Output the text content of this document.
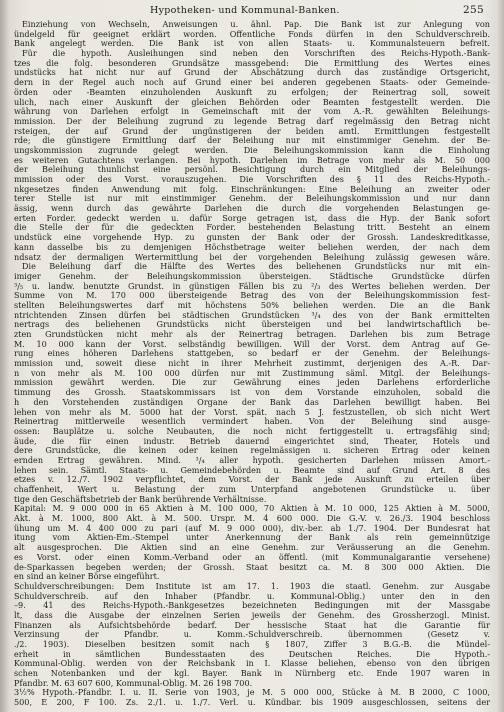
Hypotheken- und Kommunal-Banken.	255
Einziehung von Wechseln, Anweisungen u. ähnl. Pap. Die Bank ist zur Anlegung von
ündelgeld für geeignet erklärt worden. Öffentliche Fonds dürfen in den Schuldverschreib.
Bank angelegt werden. Die Bank ist von allen Staats- u. Kommunalsteuern befreit.
Für die hypoth. Ausleihungen sind neben den Vorschriften des Reichs-Hypoth.-Bank-
tzes die folg. besonderen Grundsätze massgebend: Die Ermittlung des Wertes eines
undstücks hat nicht nur auf Grund der Abschätzung durch das zuständige Ortsgericht,
dern in der Regel auch noch auf Grund einer bei anderen gegebenen Staats- oder Gemeinde-
örden oder -Beamten einzuholenden Auskunft zu erfolgen; der Reinertrag soll, soweit
ulich, nach einer Auskunft der gleichen Behörden oder Beamten festgestellt werden. Die
währung von Darlehen erfolgt in Gemeinschaft mit der vom A.-R. gewählten Beleihungs-
mmission. Der der Beleihung zugrund zu legende Betrag darf regelmässig den Betrag nicht
rsteigen, der auf Grund der ungünstigeren der beiden amtl. Ermittlungen festgestellt
rde; die günstigere Ermittlung darf der Beleihung nur mit einstimmiger Genehm. der Be-
ungskommission zugrunde gelegt werden. Die Beleihungskommission kann die Einholung
es weiteren Gutachtens verlangen. Bei hypoth. Darlehen im Betrage von mehr als M. 50 000
der Beleihung thunlichst eine persönl. Besichtigung durch ein Mitglied der Beleihungs-
mmission oder des Vorst. vorauszugehen. Die Vorschriften des § 11 des Reichs-Hypoth.-
nkgesetzes finden Anwendung mit folg. Einschränkungen: Eine Beleihung an zweiter oder
terer Stelle ist nur mit einstimmiger Genehm. der Beleihungskommission und nur dann
ässig, wenn durch das gewährte Darlehen die durch die vorgehenden Belastungen ge-
erten Forder. gedeckt werden u. dafür Sorge getragen ist, dass die Hyp. der Bank sofort
die Stelle der für die gedeckten Forder. bestehenden Belastung tritt. Besteht an einem
undstück eine vorgehende Hyp. zu gunsten der Bank oder der Grossh. Landeskreditkasse,
kann dasselbe bis zu demjenigen Höchstbetrage weiter beliehen werden, der nach dem
ndsatz der dermaligen Wertermittlung bei der vorgehenden Beleihung zulässig gewesen wäre.
Die Beleihung darf die Hälfte des Wertes des beliehenen Grundstücks nur mit ein-
imiger Genehm. der Beleihungskommission übersteigen. Städtische Grundstücke dürfen
³/₅ u. landw. benutzte Grundst. in günstigen Fällen bis zu ²/₃ des Wertes beliehen werden. Der
Summe von M. 170 000 übersteigende Betrag des von der Beleihungskommission fest-
stellten Beleihungswertes darf mit höchstens 50% beliehen werden. Die an die Bank
ntrichtenden Zinsen dürfen bei städtischen Grundstücken ³/₄ des von der Bank ermittelten
nertrags des beliehenen Grundstücks nicht übersteigen und bei landwirtschaftlich be-
zten Grundstücken nicht mehr als der Reinertrag betragen. Darlehen bis zum Betrage
M. 10 000 kann der Vorst. selbständig bewilligen. Will der Vorst. dem Antrag auf Ge-
rung eines höheren Darlehens stattgeben, so bedarf er der Genehm. der Beleihungs-
mmission und, soweit diese nicht in ihrer Mehrheit zustimmt, derjenigen des A.-R. Dar-
n von mehr als M. 100 000 dürfen nur mit Zustimmung säml. Mitgl. der Beleihungs-
mmission gewährt werden. Die zur Gewährung eines jeden Darlehens erforderliche
timmung des Grossh. Staatskommissars ist von dem Vorstande einzuholen, sobald die
h den Vorstehenden zuständigen Organe der Bank das Darlehen bewilligt haben. Bei
lehen von mehr als M. 5000 hat der Vorst. spät. nach 5 J. festzustellen, ob sich nicht Wert
Reinertrag mittlerweile wesentlich vermindert haben. Von der Beleihung sind ausge-
ossen: Bauplätze u. solche Neubauten, die noch nicht fertiggestellt u. ertragsfähig sind;
äude, die für einen industr. Betrieb dauernd eingerichtet sind, Theater, Hotels und
dere Grundstücke, die keinen oder keinen regelmässigen u. sicheren Ertrag oder keinen
ernden Ertrag gewähren. Mind. ³/₄ aller hypoth. gesicherten Darlehen müssen Amort.-
lehen sein. Sämtl. Staats- u. Gemeindebehörden u. Beamte sind auf Grund Art. 8 des
etzes v. 12./7. 1902 verpflichtet, dem Vorst. der Bank jede Auskunft zu erteilen über
chaffenheit, Wert u. Belastung der zum Unterpfand angebotenen Grundstücke u. über
tige den Geschäftsbetrieb der Bank berührende Verhältnisse.
Kapital: M. 9 000 000 in 65 Aktien à M. 100 000, 70 Aktien à M. 10 000, 125 Aktien à M. 5000,
Akt. à M. 1000, 800 Akt. à M. 500. Urspr. M. 4 600 000. Die G.-V. v. 26./3. 1904 beschloss
ühung um M. 4 400 000 zu pari (auf M. 9 000 000), div.-ber. ab 1./7. 1904. Der Bundesrat hat
itung vom Aktien-Em.-Stempel unter Anerkennung der Bank als rein gemeinnützige
alt ausgesprochen. Die Aktien sind an eine Genehm. zur Veräusserung an die Genehm.
es Vorst. oder einen Komm.-Verband oder an öffentl. (mit Kommunalgarantie versehene)
de-Sparkassen begeben werden; der Grossh. Staat besitzt ca. M. 8 300 000 Aktien. Die
en sind an keiner Börse eingeführt.
Schuldverschreibungen: Dem Institute ist am 17. 1. 1903 die staatl. Genehm. zur Ausgabe
Schuldverschreib. auf den Inhaber (Pfandbr. u. Kommunal-Oblig.) unter den in den
–9. 41 des Reichs-Hypoth.-Bankgesetzes bezeichneten Bedingungen mit der Massgabe
lt, dass die Ausgabe der einzelnen Serien jeweils der Genehm. des Grossherzogl. Minist.
Finanzen als Aufsichtsbehörde bedarf. Der hessische Staat hat die Garantie für
Verzinsung der Pfandbr. u. Komm.-Schuldverschreib. übernommen (Gesetz v.
./2. 1903). Dieselben besitzen somit nach § 1807, Ziffer 3 B.G.-B. die Mündel-
erheit in sämtlichen Bundesstaaten des Deutschen Reiches. Die Hypoth.-
Kommunal-Oblig. werden von der Reichsbank in I. Klasse beliehen, ebenso von den übrigen
schen Notenbanken und der kgl. Bayer. Bank in Nürnberg etc. Ende 1907 waren in
Pfandbr. M. 63 607 600, Kommunal-Oblig. M. 26 198 700.
3½% Hypoth.-Pfandbr. I. u. II. Serie von 1903, je M. 5 000 000, Stücke à M. B 2000, C 1000,
500, E 200, F 100. Zs. 2./1. u. 1./7. Verl. u. Kündbar. bis 1909 ausgeschlossen, seitens der
